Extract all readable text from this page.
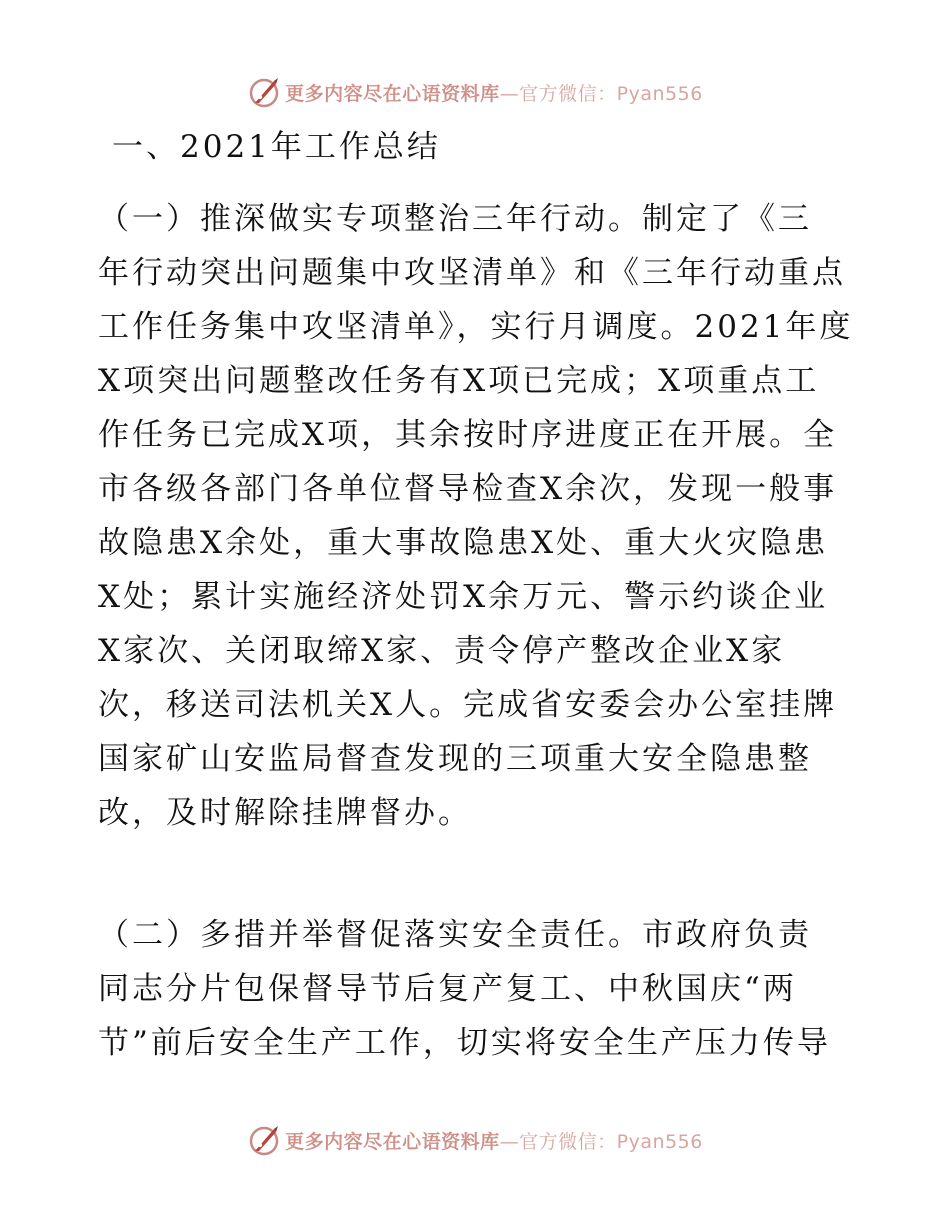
更多内容尽在心语资料库—官方微信：Pyan556
一、2021年工作总结
（一）推深做实专项整治三年行动。制定了《三
年行动突出问题集中攻坚清单》和《三年行动重点
工作任务集中攻坚清单》，实行月调度。2021年度
X项突出问题整改任务有X项已完成；X项重点工
作任务已完成X项，其余按时序进度正在开展。全
市各级各部门各单位督导检查X余次，发现一般事
故隐患X余处，重大事故隐患X处、重大火灾隐患
X处；累计实施经济处罚X余万元、警示约谈企业
X家次、关闭取缔X家、责令停产整改企业X家
次，移送司法机关X人。完成省安委会办公室挂牌
国家矿山安监局督查发现的三项重大安全隐患整
改，及时解除挂牌督办。
（二）多措并举督促落实安全责任。市政府负责
同志分片包保督导节后复产复工、中秋国庆“两
节”前后安全生产工作，切实将安全生产压力传导
更多内容尽在心语资料库—官方微信：Pyan556
